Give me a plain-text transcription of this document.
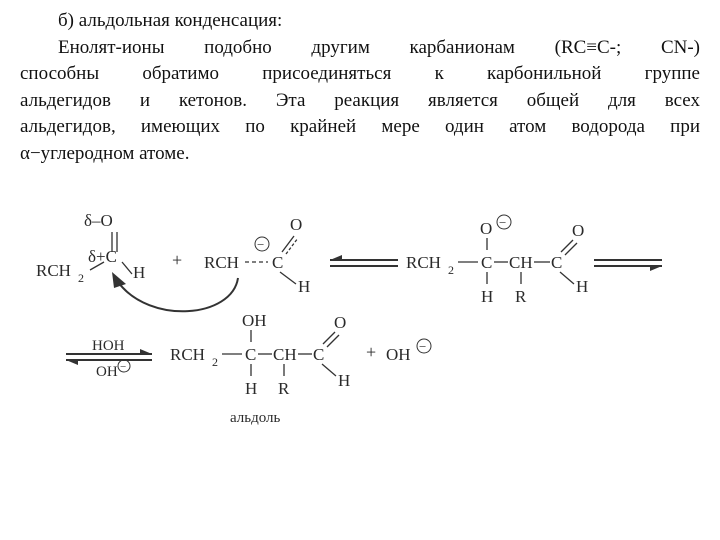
б) альдольная конденсация:
Енолят-ионы подобно другим карбанионам (RC≡C-; CN-)
способны обратимо присоединяться к карбонильной группе
альдегидов и кетонов. Эта реакция является общей для всех
альдегидов, имеющих по крайней мере один атом водорода при
α−углеродном атоме.
δ–O
δ+C
RCH 2	H
+ RCH C
−
O
H
RCH 2 C CH C
O −
H R
O
H
HOH
OH −
RCH 2 C CH C
OH
H R
O
H
+ OH −
альдоль
